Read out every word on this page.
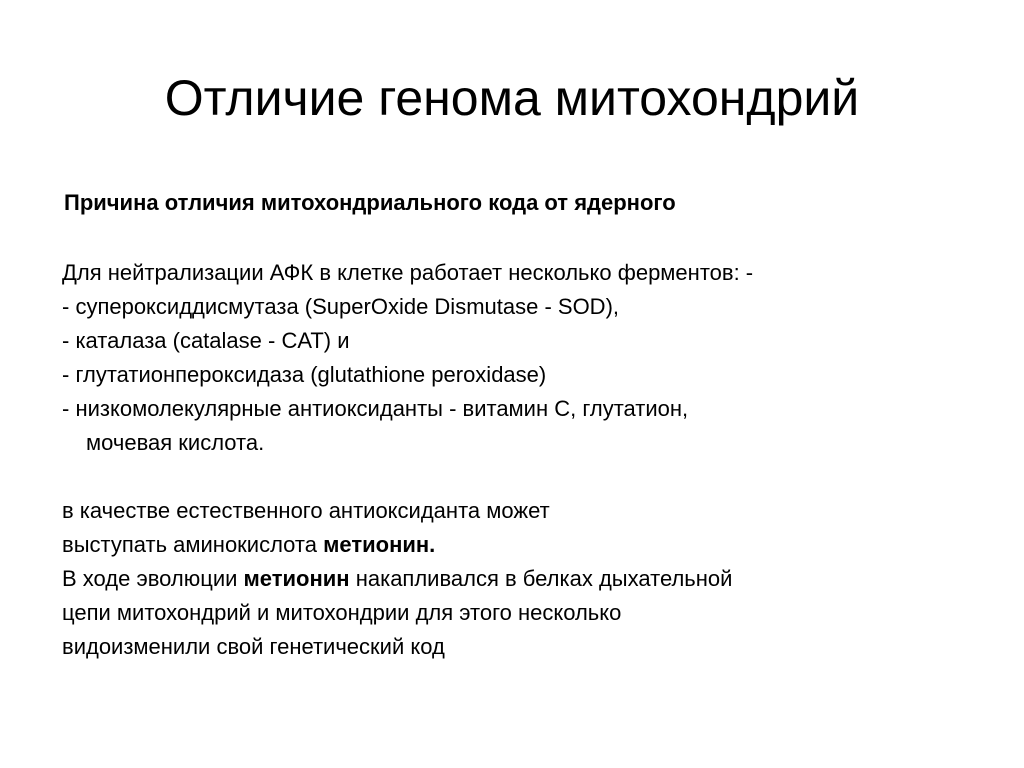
Отличие генома митохондрий
Причина отличия митохондриального кода от ядерного
Для нейтрализации АФК в клетке работает несколько ферментов: -
- супероксиддисмутаза (SuperOxide Dismutase - SOD),
- каталаза (catalase - CAT) и
- глутатионпероксидаза (glutathione peroxidase)
- низкомолекулярные антиоксиданты - витамин С, глутатион,
мочевая кислота.
в качестве естественного антиоксиданта может
выступать аминокислота метионин.
В ходе эволюции метионин накапливался в белках дыхательной
цепи митохондрий и митохондрии для этого несколько
видоизменили свой генетический код
